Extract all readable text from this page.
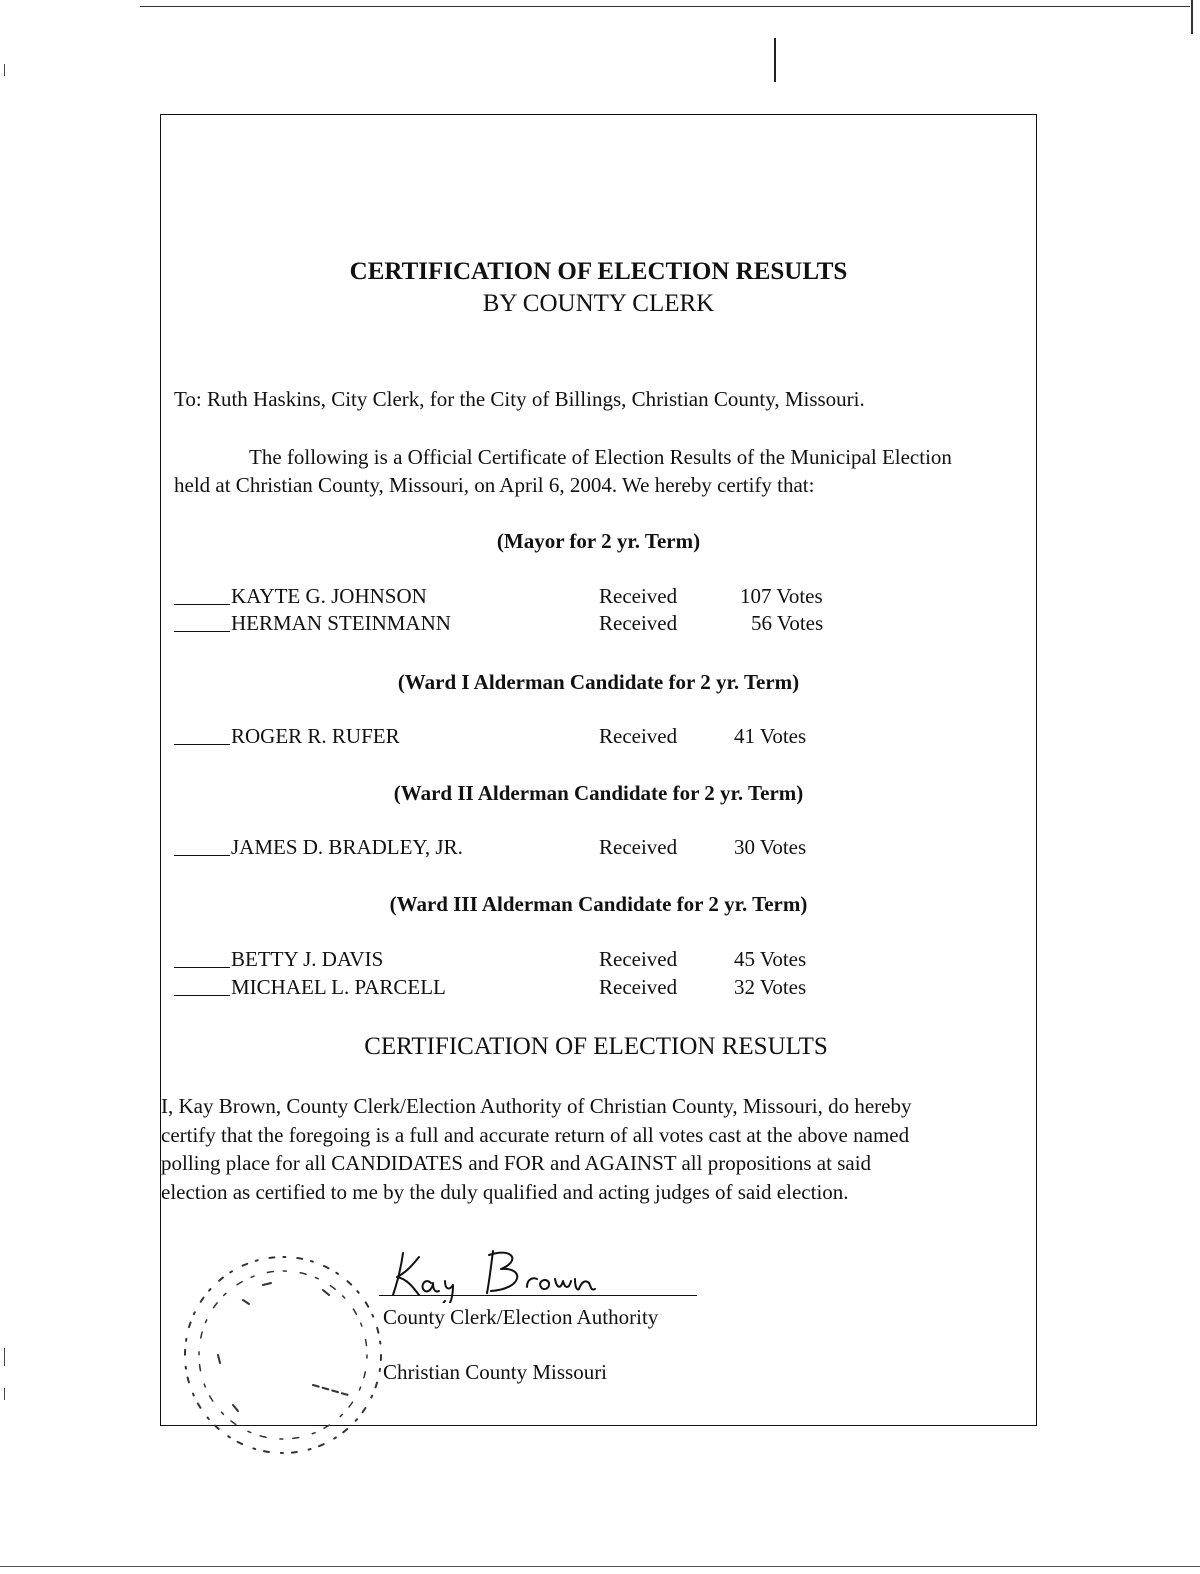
CERTIFICATION OF ELECTION RESULTS
BY COUNTY CLERK
To: Ruth Haskins, City Clerk, for the City of Billings, Christian County, Missouri.
The following is a Official Certificate of Election Results of the Municipal Election
held at Christian County, Missouri, on April 6, 2004. We hereby certify that:
(Mayor for 2 yr. Term)
KAYTE G. JOHNSON	Received	107 Votes
HERMAN STEINMANN	Received	56 Votes
(Ward I Alderman Candidate for 2 yr. Term)
ROGER R. RUFER	Received	41 Votes
(Ward II Alderman Candidate for 2 yr. Term)
JAMES D. BRADLEY, JR.	Received	30 Votes
(Ward III Alderman Candidate for 2 yr. Term)
BETTY J. DAVIS	Received	45 Votes
MICHAEL L. PARCELL	Received	32 Votes
CERTIFICATION OF ELECTION RESULTS
I, Kay Brown, County Clerk/Election Authority of Christian County, Missouri, do hereby
certify that the foregoing is a full and accurate return of all votes cast at the above named
polling place for all CANDIDATES and FOR and AGAINST all propositions at said
election as certified to me by the duly qualified and acting judges of said election.
County Clerk/Election Authority
Christian County Missouri
